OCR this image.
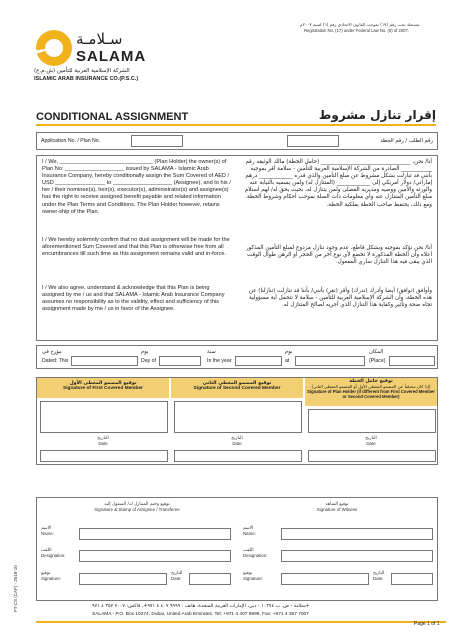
مسجلة تحت رقم (١٧) بموجب القانون الاتحادي رقم (٦) لسنة ٢٠٠٧م.
Registration No. (17) under Federal Law No. (6) of 2007.
سـلامـة
SALAMA
الشركة الإسلامية العربية للتأمين (ش.م.ع)
ISLAMIC ARAB INSURANCE CO.(P.S.C.)
CONDITIONAL ASSIGNMENT	إقرار تنازل مشروط
Application No. / Plan No.	رقم الطلب / رقم الخطة
I / We, ______________________________ (Plan Holder) the owner(s) of Plan No: ___________________ issued by SALAMA - Islamic Arab Insurance Company, hereby conditionally assign the Sum Covered of AED / USD ________________ to ___________________ (Assignee), and to his / her / their nominee(s), heir(s), executor(s), administrator(s) and assignee(s) has the right to receive assigned benefit payable and related information under the Plan Terms and Conditions. The Plan Holder however, retains owner-ship of the Plan.
I / We hereby solemnly confirm that no dual assignment will be made for the aforementioned Sum Covered and that this Plan is otherwise free from all encumbrances till such time as this assignment remains valid and in-force.
I / We also agree, understand & acknowledge that this Plan is being assigned by me / us and that SALAMA - Islamic Arab Insurance Company assumes no responsibility as to the validity, effect and sufficiency of this assignment made by me / us in favor of the Assignee.
أنا/ نحن، ________________________________ (حامل الخطة) مالك الوثيقه رقم ___________ الصادرة من الشركة الإسلامية العربية للتأمين - سلامة أقر بموجبه بأنني قد تنازلت بشكل مشروط عن مبلغ التأمين والذي قدره ____________ درهم إماراتي/ دولار أمريكي إلى ____________ (المتنازل له) ولمن يسميه بالنيابة عنه والورثه والأمين ووصيه ومديريه الفضلى ولمن يتنازل له، بحيث يحق له/ لهم استلام مبلغ التأمين المتنازل عنه وأي معلومات ذات الصلة بموجب أحكام وشروط الخطة. ومع ذلك، يحتفظ صاحب الخطة بملكية الخطة.
أنا/ نحن نؤكد بموجبه وبشكل قاطع، عدم وجود تنازل مزدوج لمبلغ التأمين المذكور أعلاه وأن الخطة المذكورة لا تخضع لأي نوع آخر من الحجز أو الرهن طوال الوقت الذي يبقى فيه هذا التنازل ساري المفعول.
وأوافق (نوافق) أيضا وأدرك (ندرك) وأقر (نقر) بأنني/ بأننا قد تنازلت (تنازلنا) عن هذه الخطة، وأن الشركة الإسلامية العربية للتأمين - سلامة لا تتحمل أية مسؤولية تجاه صحة وتأثير وكفاية هذا التنازل الذي أجريه لصالح المتنازل له.
مؤرخ في
Dated: This
يوم
Day of
سنة
In the year
بوم
at
المكان
(Place)
توقيع المضمو المغطى الأول
Signature of First Covered Member
توقيع المضمو المغطى الثاني
Signature of Second Covered Member
توقيع حامل الخطة
(إذا كان مختلفاً عن المضمو المغطى الأول أو المضمو المغطى الثاني)
Signature of Plan Holder (If different from First Covered Member or Second Covered Member)
التاريخ
Date
التاريخ
Date
التاريخ
Date
توقيع وختم المتنازل له/ المنقول إليه
Signature & Stamp of Assignee / Transferee
توقيع الشاهد
Signature of Witness
الاسم
Name:
اللقب
Designation:
توقيع
Signature:
التاريخ
Date:
الاسم
Name:
اللقب
Designation:
توقيع
Signature:
التاريخ
Date:
FT-CS (CAF) - 2018-10	سلامة - ص. ب ١٠٢٧٤ - دبي، الإمارات العربية المتحدة. هاتف : ٩٩٩٩ ٤٠٧ ٤ ٩٧١+، فاكس: ٧٠٠٧ ٣٥٧ ٤ ٩٧١+
SALAMA - P.O. Box 10274, Dubai, United Arab Emirates. Tel: +971 4 407 9999, Fax: +971 4 357 7007
Page 1 of 1
